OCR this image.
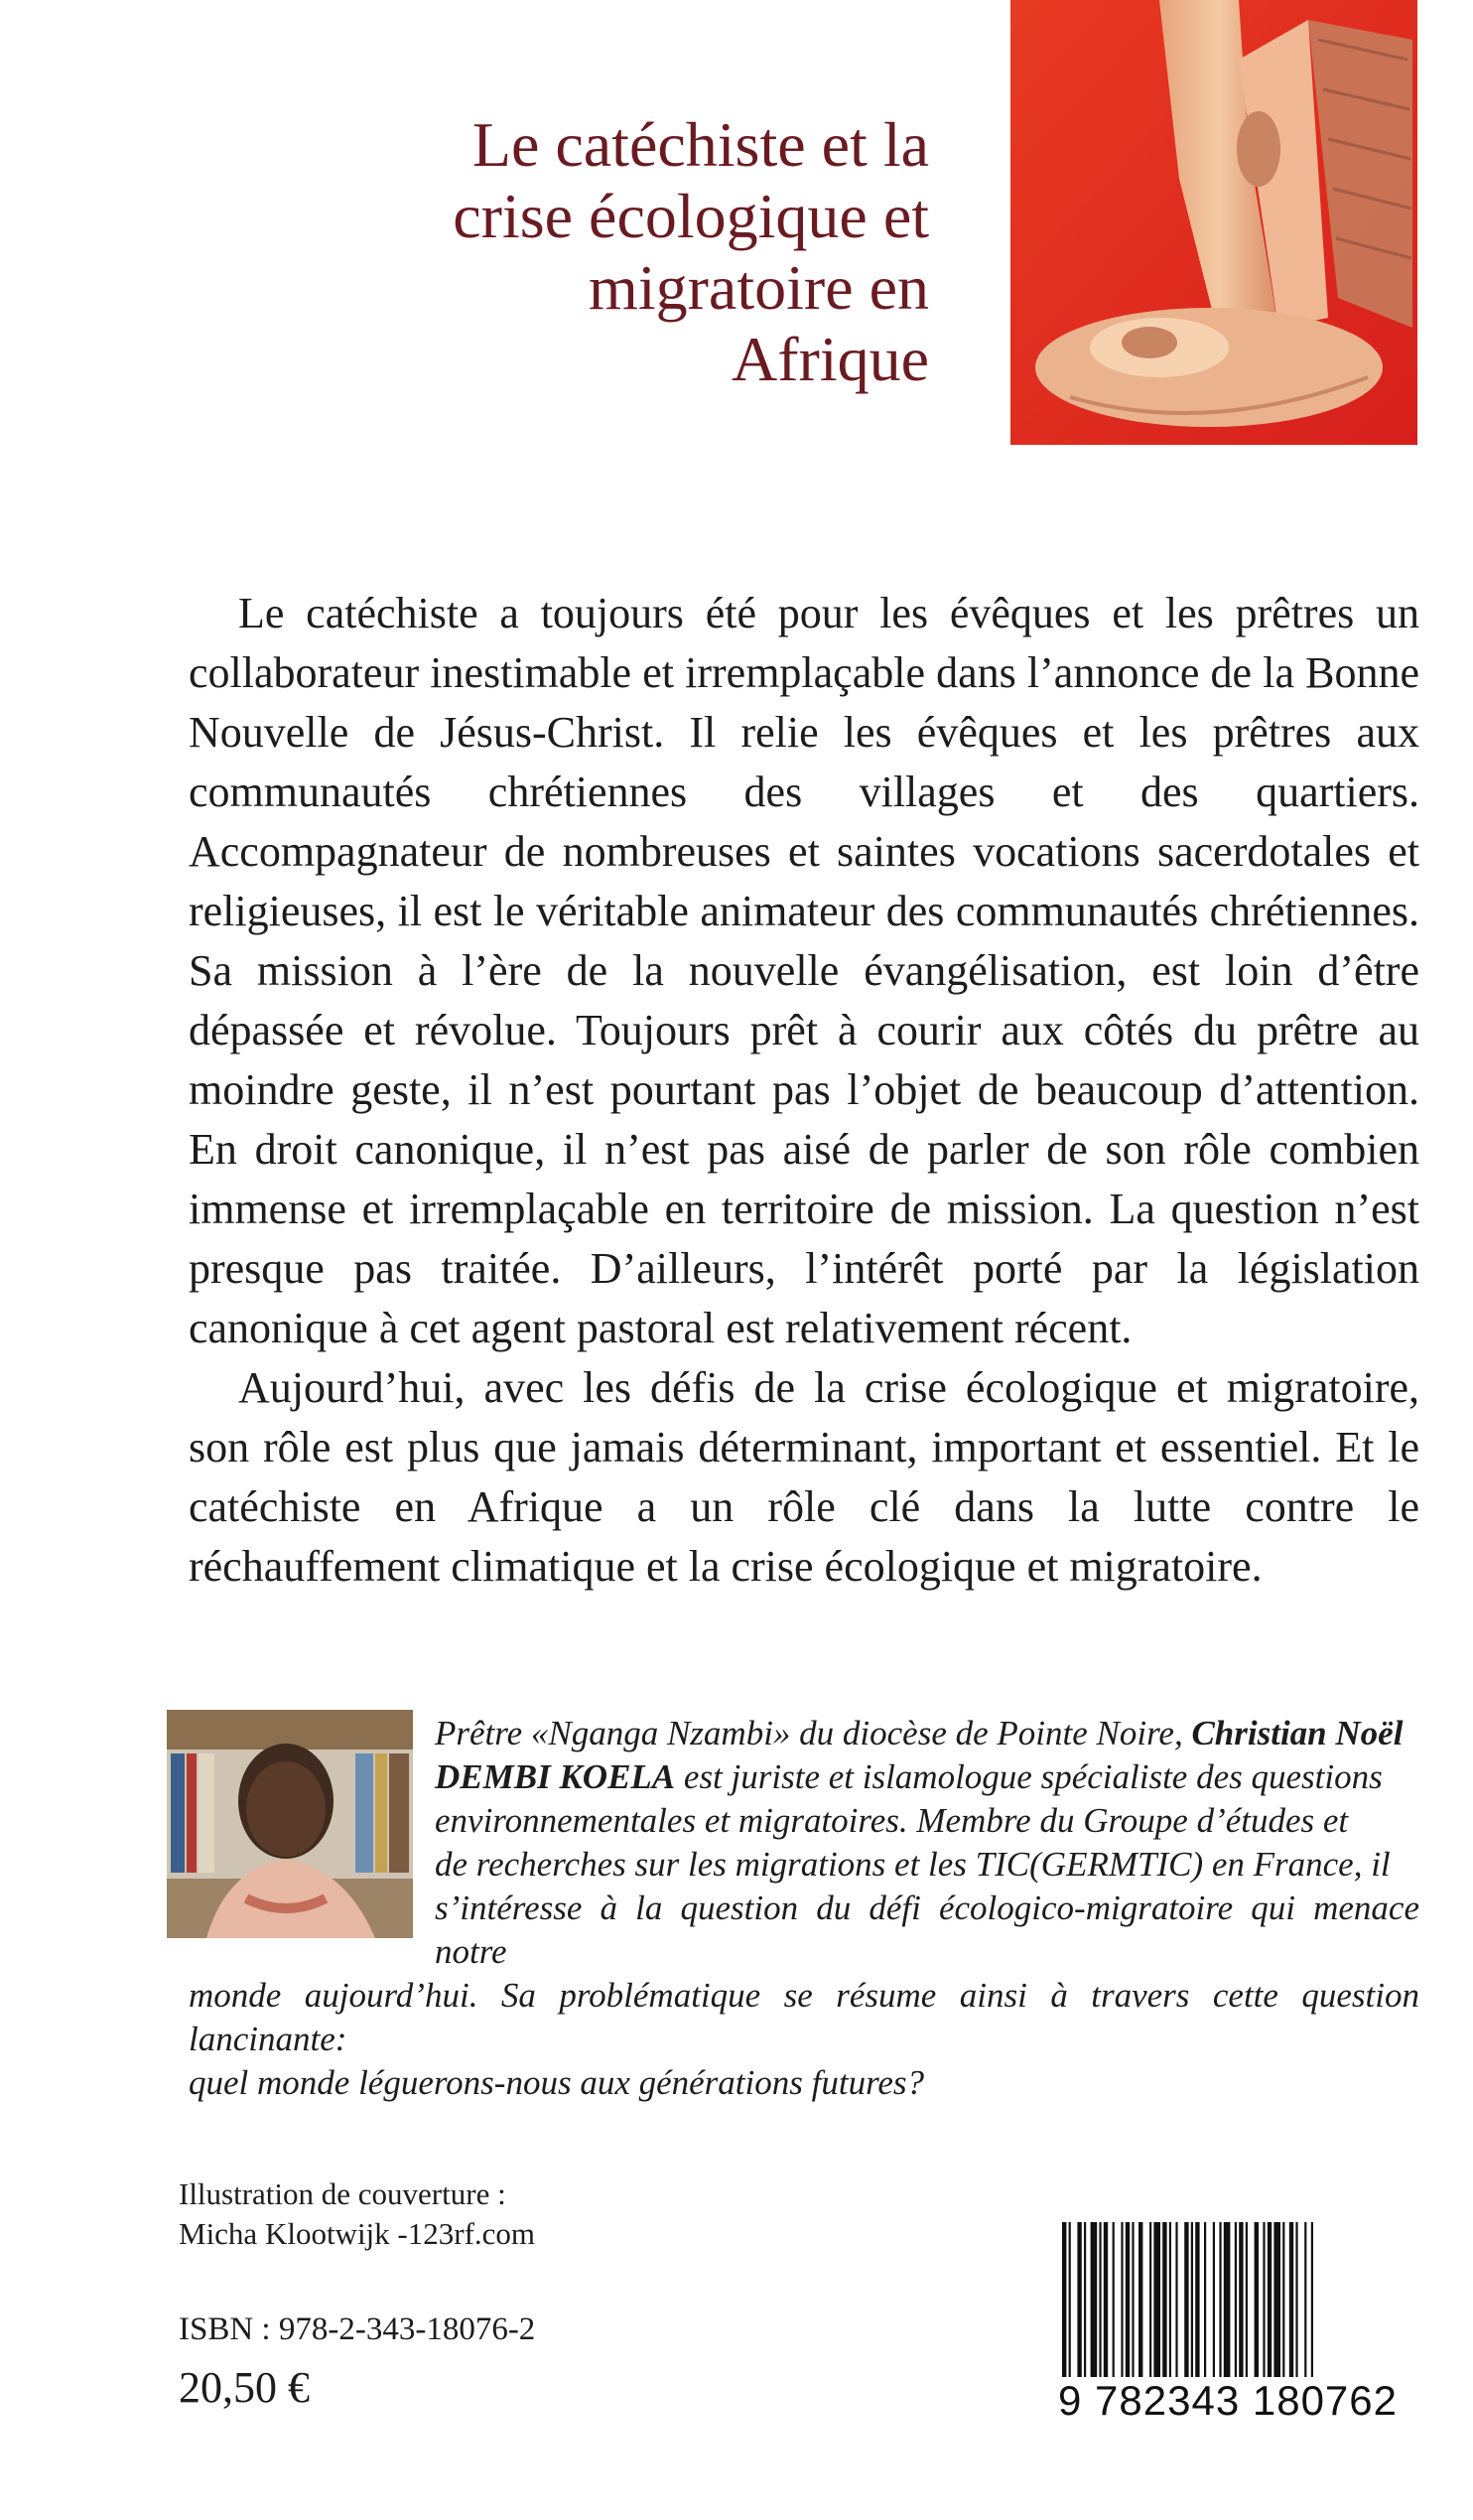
Le catéchiste et la
crise écologique et
migratoire en
Afrique

Le catéchiste a toujours été pour les évêques et les prêtres un collaborateur inestimable et irremplaçable dans l’annonce de la Bonne Nouvelle de Jésus-Christ. Il relie les évêques et les prêtres aux communautés chrétiennes des villages et des quartiers. Accompagnateur de nombreuses et saintes vocations sacerdotales et religieuses, il est le véritable animateur des communautés chrétiennes. Sa mission à l’ère de la nouvelle évangélisation, est loin d’être dépassée et révolue. Toujours prêt à courir aux côtés du prêtre au moindre geste, il n’est pourtant pas l’objet de beaucoup d’attention. En droit canonique, il n’est pas aisé de parler de son rôle combien immense et irremplaçable en territoire de mission. La question n’est presque pas traitée. D’ailleurs, l’intérêt porté par la législation canonique à cet agent pastoral est relativement récent.

Aujourd’hui, avec les défis de la crise écologique et migratoire, son rôle est plus que jamais déterminant, important et essentiel. Et le catéchiste en Afrique a un rôle clé dans la lutte contre le réchauffement climatique et la crise écologique et migratoire.

Prêtre «Nganga Nzambi» du diocèse de Pointe Noire, Christian Noël

DEMBI KOELA est juriste et islamologue spécialiste des questions

environnementales et migratoires. Membre du Groupe d’études et

de recherches sur les migrations et les TIC(GERMTIC) en France, il

s’intéresse à la question du défi écologico-migratoire qui menace notre

monde aujourd’hui. Sa problématique se résume ainsi à travers cette question lancinante:

quel monde léguerons-nous aux générations futures?

Illustration de couverture :
Micha Klootwijk -123rf.com
ISBN : 978-2-343-18076-2
20,50 €	9 782343 180762
